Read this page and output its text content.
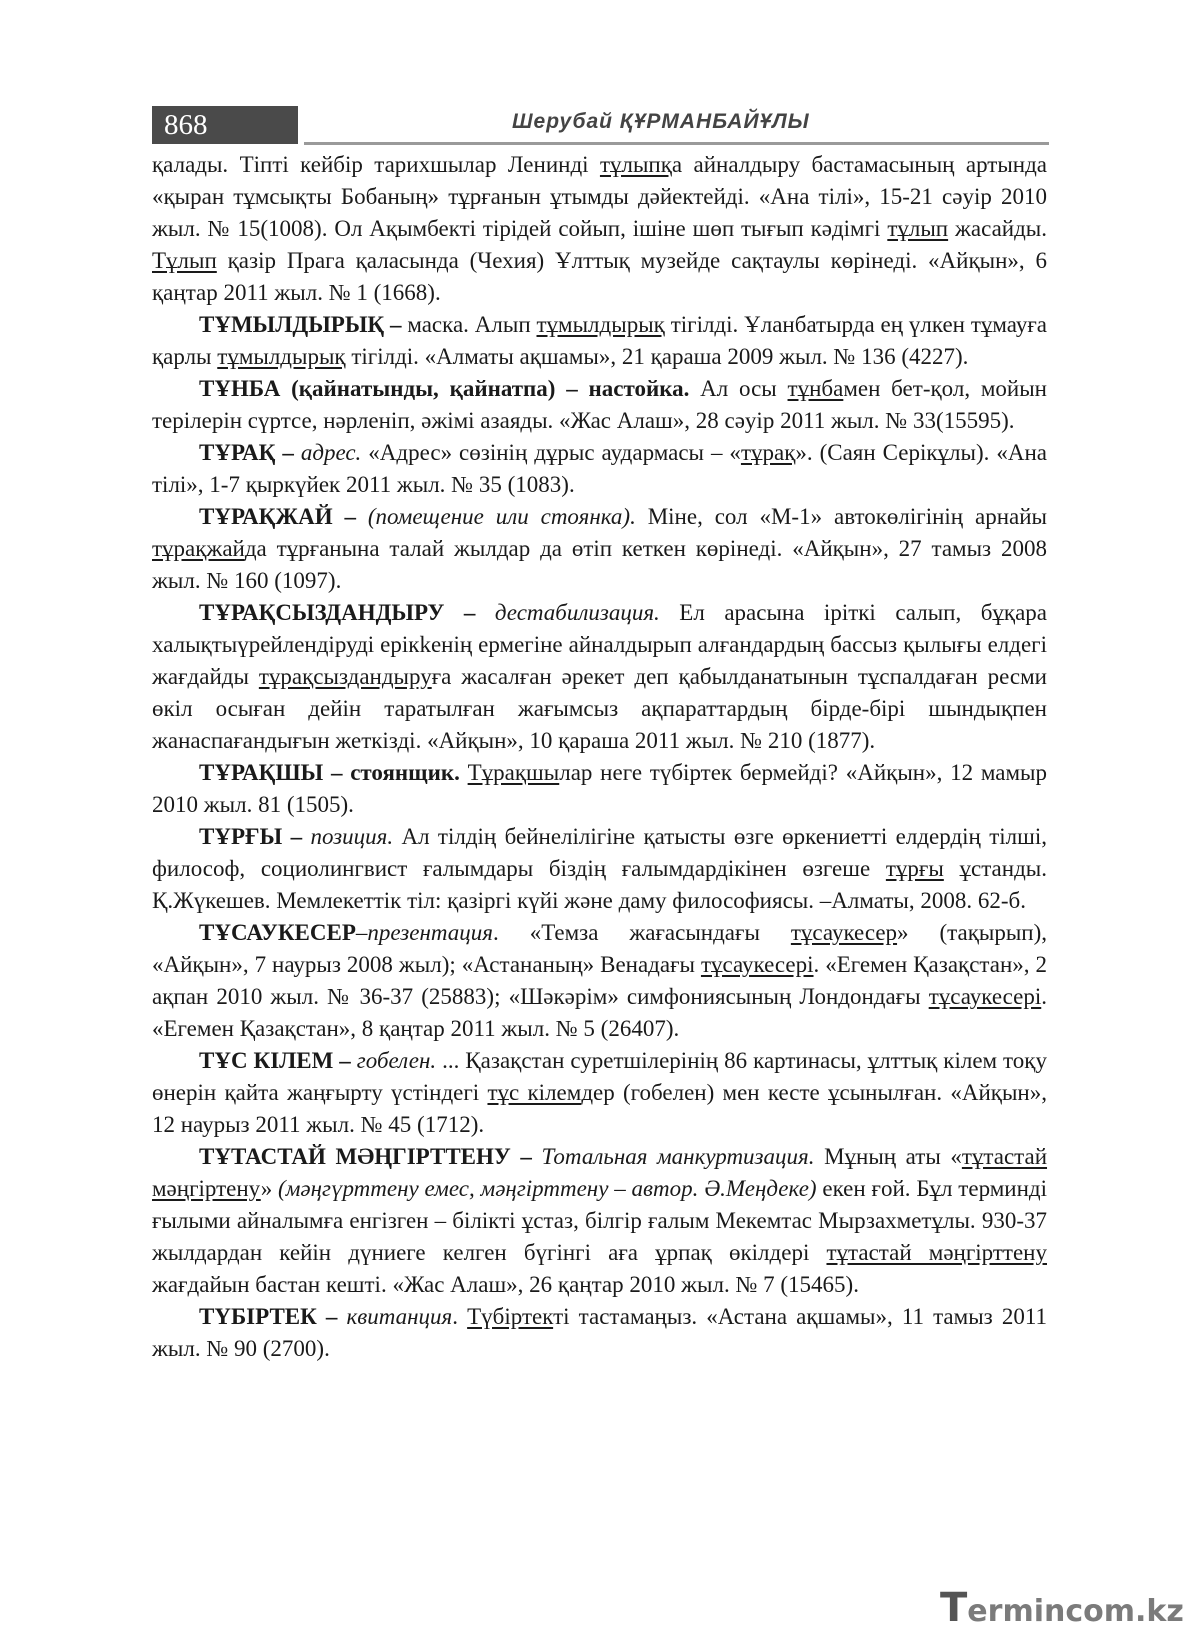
868	Шерубай ҚҰРМАНБАЙҰЛЫ

қалады. Тіпті кейбір тарихшылар Ленинді тұлыпқа айналдыру бастамасының артында «қыран тұмсықты Бобаның» тұрғанын ұтымды дәйектейді. «Ана тілі», 15-21 сәуір 2010 жыл. № 15(1008). Ол Ақымбекті тірідей сойып, ішіне шөп тығып кәдімгі тұлып жасайды. Тұлып қазір Прага қаласында (Чехия) Ұлттық музейде сақтаулы көрінеді. «Айқын», 6 қаңтар 2011 жыл. № 1 (1668).

ТҰМЫЛДЫРЫҚ – маска. Алып тұмылдырық тігілді. Ұланбатырда ең үлкен тұмауға қарлы тұмылдырық тігілді. «Алматы ақшамы», 21 қараша 2009 жыл. № 136 (4227).

ТҰНБА (қайнатынды, қайнатпа) – настойка. Ал осы тұнбамен бет-қол, мойын терілерін сүртсе, нәрленіп, әжімі азаяды. «Жас Алаш», 28 сәуір 2011 жыл. № 33(15595).

ТҰРАҚ – адрес. «Адрес» сөзінің дұрыс аудармасы – «тұрақ». (Саян Серікұлы). «Ана тілі», 1-7 қыркүйек 2011 жыл. № 35 (1083).

ТҰРАҚЖАЙ – (помещение или стоянка). Міне, сол «М-1» автокөлігінің арнайы тұрақжайда тұрғанына талай жылдар да өтіп кеткен көрінеді. «Айқын», 27 тамыз 2008 жыл. № 160 (1097).

ТҰРАҚСЫЗДАНДЫРУ – дестабилизация. Ел арасына іріткі салып, бұқара халықтыүрейлендіруді ерікkенің ермегіне айналдырып алғандардың бассыз қылығы елдегі жағдайды тұрақсыздандыруға жасалған әрекет деп қабылданатынын тұспалдаған ресми өкіл осыған дейін таратылған жағымсыз ақпараттардың бірде-бірі шындықпен жанаспағандығын жеткізді. «Айқын», 10 қараша 2011 жыл. № 210 (1877).

ТҰРАҚШЫ – стоянщик. Тұрақшылар неге түбіртек бермейді? «Айқын», 12 мамыр 2010 жыл. 81 (1505).

ТҰРҒЫ – позиция. Ал тілдің бейнелілігіне қатысты өзге өркениетті елдердің тілші, философ, социолингвист ғалымдары біздің ғалымдардікінен өзгеше тұрғы ұстанды. Қ.Жүкешев. Мемлекеттік тіл: қазіргі күйі және даму философиясы. –Алматы, 2008. 62-б.

ТҰСАУКЕСЕР–презентация. «Темза жағасындағы тұсаукесер» (тақырып), «Айқын», 7 наурыз 2008 жыл); «Астананың» Венадағы тұсаукесері. «Егемен Қазақстан», 2 ақпан 2010 жыл. № 36-37 (25883); «Шәкәрім» симфониясының Лондондағы тұсаукесері. «Егемен Қазақстан», 8 қаңтар 2011 жыл. № 5 (26407).

ТҰС КІЛЕМ – гобелен. ... Қазақстан суретшілерінің 86 картинасы, ұлттық кілем тоқу өнерін қайта жаңғырту үстіндегі тұс кілемдер (гобелен) мен кесте ұсынылған. «Айқын», 12 наурыз 2011 жыл. № 45 (1712).

ТҰТАСТАЙ МӘҢГІРТТЕНУ – Тотальная манкуртизация. Мұның аты «тұтастай мәңгіртену» (мәңгүрттену емес, мәңгірттену – автор. Ә.Меңдеке) екен ғой. Бұл терминді ғылыми айналымға енгізген – білікті ұстаз, білгір ғалым Мекемтас Мырзахметұлы. 930-37 жылдардан кейін дүниеге келген бүгінгі аға ұрпақ өкілдері тұтастай мәңгірттену жағдайын бастан кешті. «Жас Алаш», 26 қаңтар 2010 жыл. № 7 (15465).

ТҮБІРТЕК – квитанция. Түбіртекті тастамаңыз. «Астана ақшамы», 11 тамыз 2011 жыл. № 90 (2700).

Termincom.kz
